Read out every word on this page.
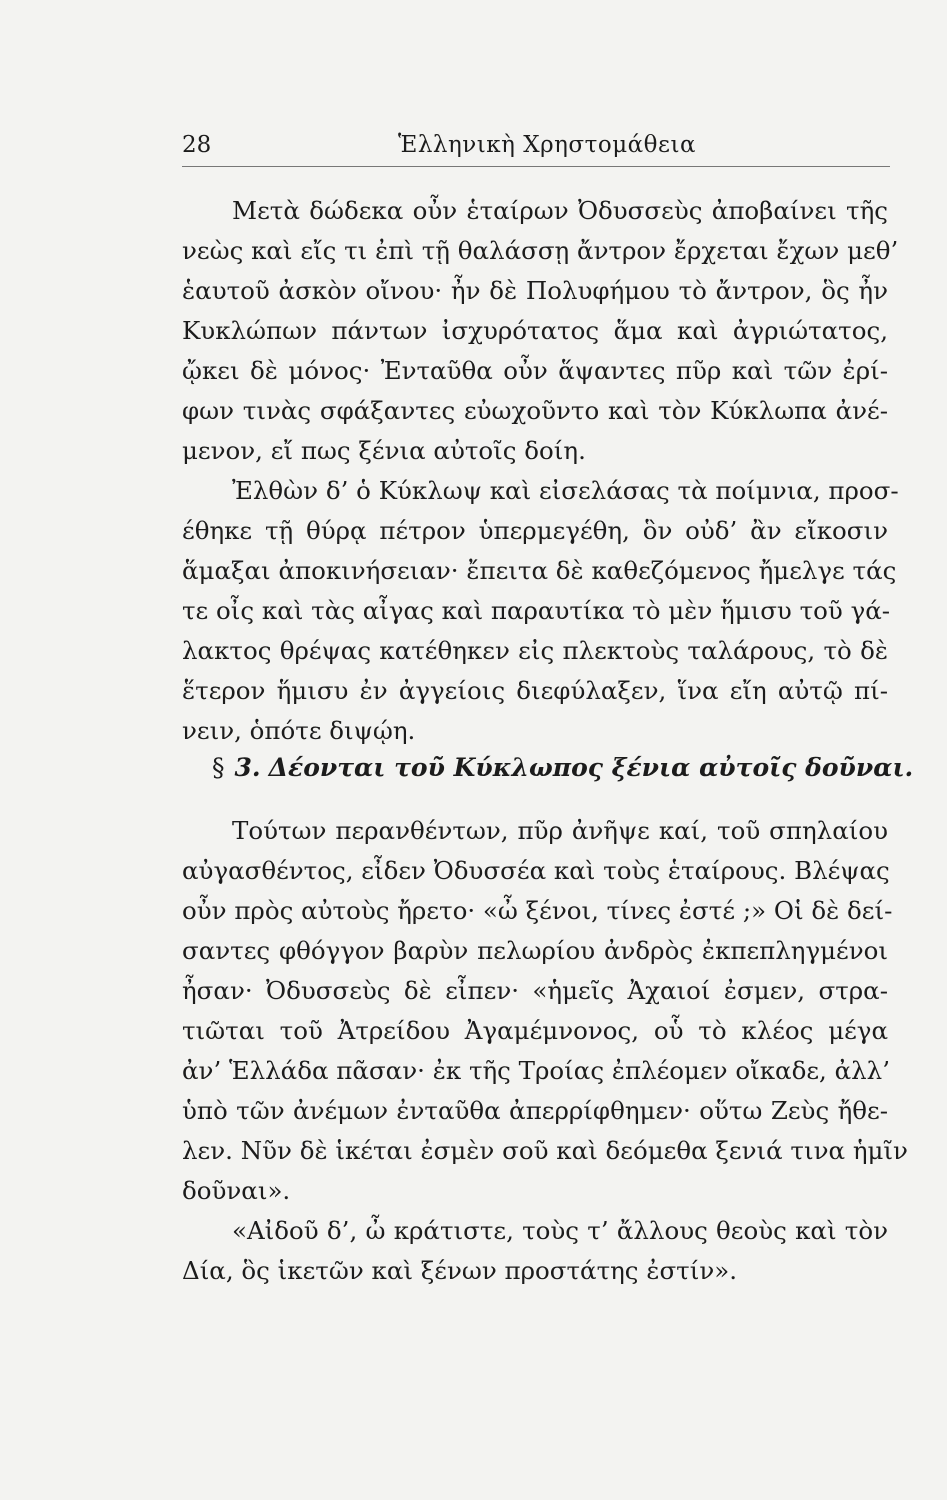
28	Ἑλληνικὴ Χρηστομάθεια
Μετὰ δώδεκα οὖν ἑταίρων Ὀδυσσεὺς ἀποβαίνει τῆς
νεὼς καὶ εἴς τι ἐπὶ τῇ θαλάσσῃ ἄντρον ἔρχεται ἔχων μεθ’
ἑαυτοῦ ἀσκὸν οἴνου· ἦν δὲ Πολυφήμου τὸ ἄντρον, ὃς ἦν
Κυκλώπων πάντων ἰσχυρότατος ἅμα καὶ ἀγριώτατος,
ᾤκει δὲ μόνος· Ἐνταῦθα οὖν ἅψαντες πῦρ καὶ τῶν ἐρί-
φων τινὰς σφάξαντες εὐωχοῦντο καὶ τὸν Κύκλωπα ἀνέ-
μενον, εἴ πως ξένια αὐτοῖς δοίη.
Ἐλθὼν δ’ ὁ Κύκλωψ καὶ εἰσελάσας τὰ ποίμνια, προσ-
έθηκε τῇ θύρᾳ πέτρον ὑπερμεγέθη, ὃν οὐδ’ ἂν εἴκοσιν
ἅμαξαι ἀποκινήσειαν· ἔπειτα δὲ καθεζόμενος ἤμελγε τάς
τε οἶς καὶ τὰς αἶγας καὶ παραυτίκα τὸ μὲν ἥμισυ τοῦ γά-
λακτος θρέψας κατέθηκεν εἰς πλεκτοὺς ταλάρους, τὸ δὲ
ἕτερον ἥμισυ ἐν ἀγγείοις διεφύλαξεν, ἵνα εἴη αὐτῷ πί-
νειν, ὁπότε διψῴη.
§ 3. Δέονται τοῦ Κύκλωπος ξένια αὐτοῖς δοῦναι.
Τούτων περανθέντων, πῦρ ἀνῆψε καί, τοῦ σπηλαίου
αὐγασθέντος, εἶδεν Ὀδυσσέα καὶ τοὺς ἑταίρους. Βλέψας
οὖν πρὸς αὐτοὺς ἤρετο· «ὦ ξένοι, τίνες ἐστέ ;» Οἱ δὲ δεί-
σαντες φθόγγον βαρὺν πελωρίου ἀνδρὸς ἐκπεπληγμένοι
ἦσαν· Ὀδυσσεὺς δὲ εἶπεν· «ἡμεῖς Ἀχαιοί ἐσμεν, στρα-
τιῶται τοῦ Ἀτρείδου Ἀγαμέμνονος, οὗ τὸ κλέος μέγα
ἀν’ Ἑλλάδα πᾶσαν· ἐκ τῆς Τροίας ἐπλέομεν οἴκαδε, ἀλλ’
ὑπὸ τῶν ἀνέμων ἐνταῦθα ἀπερρίφθημεν· οὕτω Ζεὺς ἤθε-
λεν. Νῦν δὲ ἱκέται ἐσμὲν σοῦ καὶ δεόμεθα ξενιά τινα ἡμῖν
δοῦναι».
«Αἰδοῦ δ’, ὦ κράτιστε, τοὺς τ’ ἄλλους θεοὺς καὶ τὸν
Δία, ὃς ἱκετῶν καὶ ξένων προστάτης ἐστίν».
